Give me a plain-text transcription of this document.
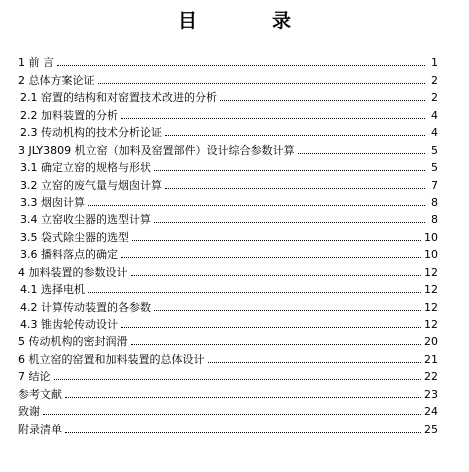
目　录
1 前 言	1
2 总体方案论证	2
2.1 窑置的结构和对窑置技术改进的分析	2
2.2 加料装置的分析	4
2.3 传动机构的技术分析论证	4
3 JLY3809 机立窑（加料及窑置部件）设计综合参数计算	5
3.1 确定立窑的规格与形状	5
3.2 立窑的废气量与烟囱计算	7
3.3 烟囱计算	8
3.4 立窑收尘器的选型计算	8
3.5 袋式除尘器的选型	10
3.6 播料落点的确定	10
4 加料装置的参数设计	12
4.1 选择电机	12
4.2 计算传动装置的各参数	12
4.3 锥齿轮传动设计	12
5 传动机构的密封润滑	20
6 机立窑的窑置和加料装置的总体设计	21
7 结论	22
参考文献	23
致谢	24
附录清单	25
